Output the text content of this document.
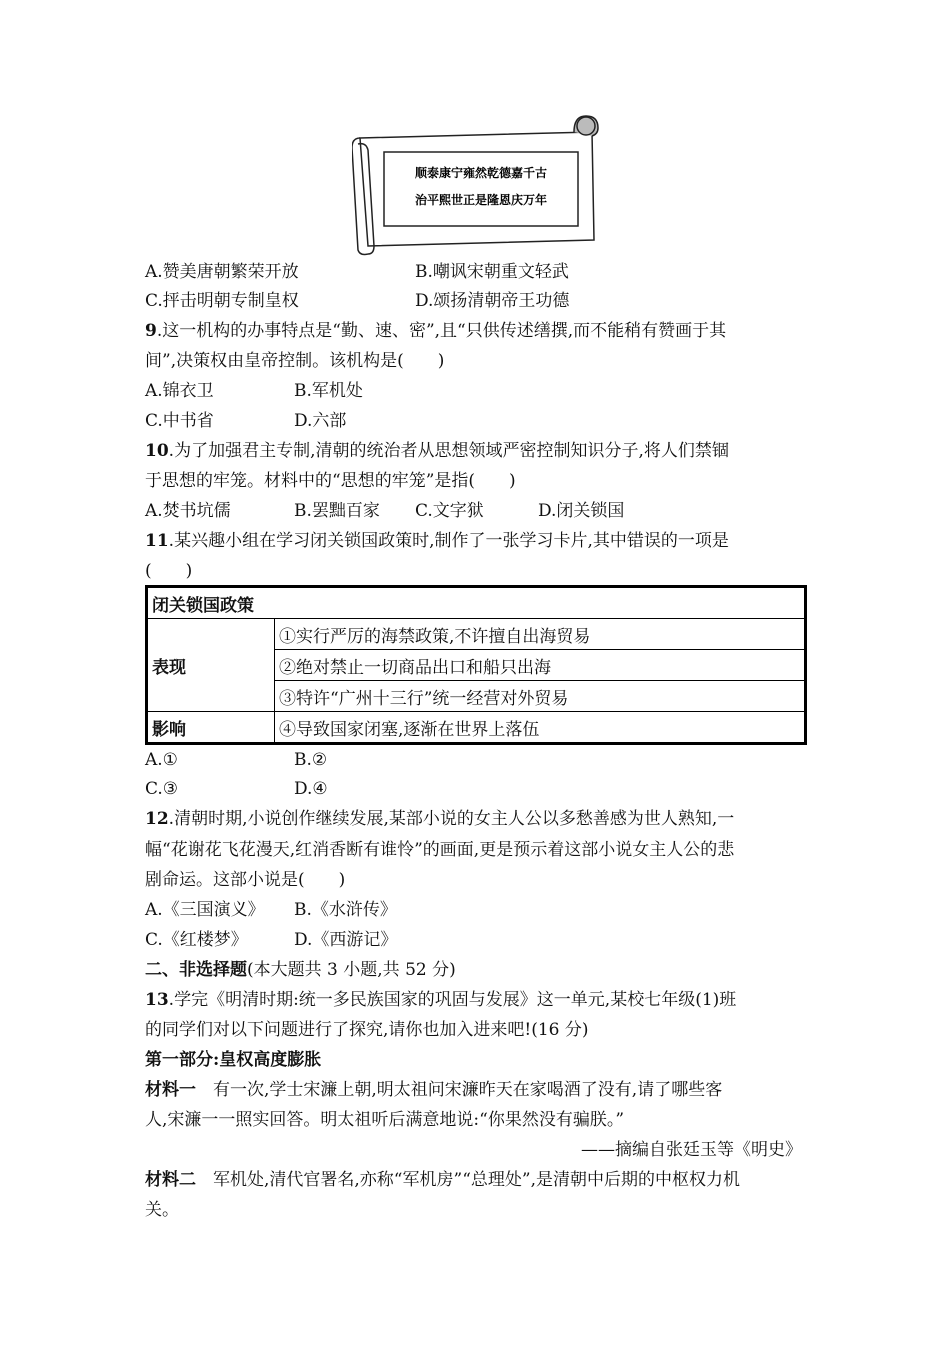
顺泰康宁雍然乾德嘉千古
治平熙世正是隆恩庆万年
A.赞美唐朝繁荣开放	B.嘲讽宋朝重文轻武
C.抨击明朝专制皇权	D.颂扬清朝帝王功德
9.这一机构的办事特点是“勤、速、密”,且“只供传述缮撰,而不能稍有赞画于其
间”,决策权由皇帝控制。该机构是(　　)
A.锦衣卫	B.军机处
C.中书省	D.六部
10.为了加强君主专制,清朝的统治者从思想领域严密控制知识分子,将人们禁锢
于思想的牢笼。材料中的“思想的牢笼”是指(　　)
A.焚书坑儒	B.罢黜百家 C.文字狱	D.闭关锁国
11.某兴趣小组在学习闭关锁国政策时,制作了一张学习卡片,其中错误的一项是
(　　)
闭关锁国政策	
表现	①实行严厉的海禁政策,不许擅自出海贸易
	②绝对禁止一切商品出口和船只出海
	③特许“广州十三行”统一经营对外贸易
影响	④导致国家闭塞,逐渐在世界上落伍
A.①	B.②
C.③	D.④
12.清朝时期,小说创作继续发展,某部小说的女主人公以多愁善感为世人熟知,一
幅“花谢花飞花漫天,红消香断有谁怜”的画面,更是预示着这部小说女主人公的悲
剧命运。这部小说是(　　)
A.《三国演义》 B.《水浒传》
C.《红楼梦》	D.《西游记》
二、非选择题(本大题共 3 小题,共 52 分)
13.学完《明清时期:统一多民族国家的巩固与发展》这一单元,某校七年级(1)班
的同学们对以下问题进行了探究,请你也加入进来吧!(16 分)
第一部分:皇权高度膨胀
材料一　有一次,学士宋濂上朝,明太祖问宋濂昨天在家喝酒了没有,请了哪些客
人,宋濂一一照实回答。明太祖听后满意地说:“你果然没有骗朕。”
——摘编自张廷玉等《明史》
材料二　军机处,清代官署名,亦称“军机房”“总理处”,是清朝中后期的中枢权力机
关。
